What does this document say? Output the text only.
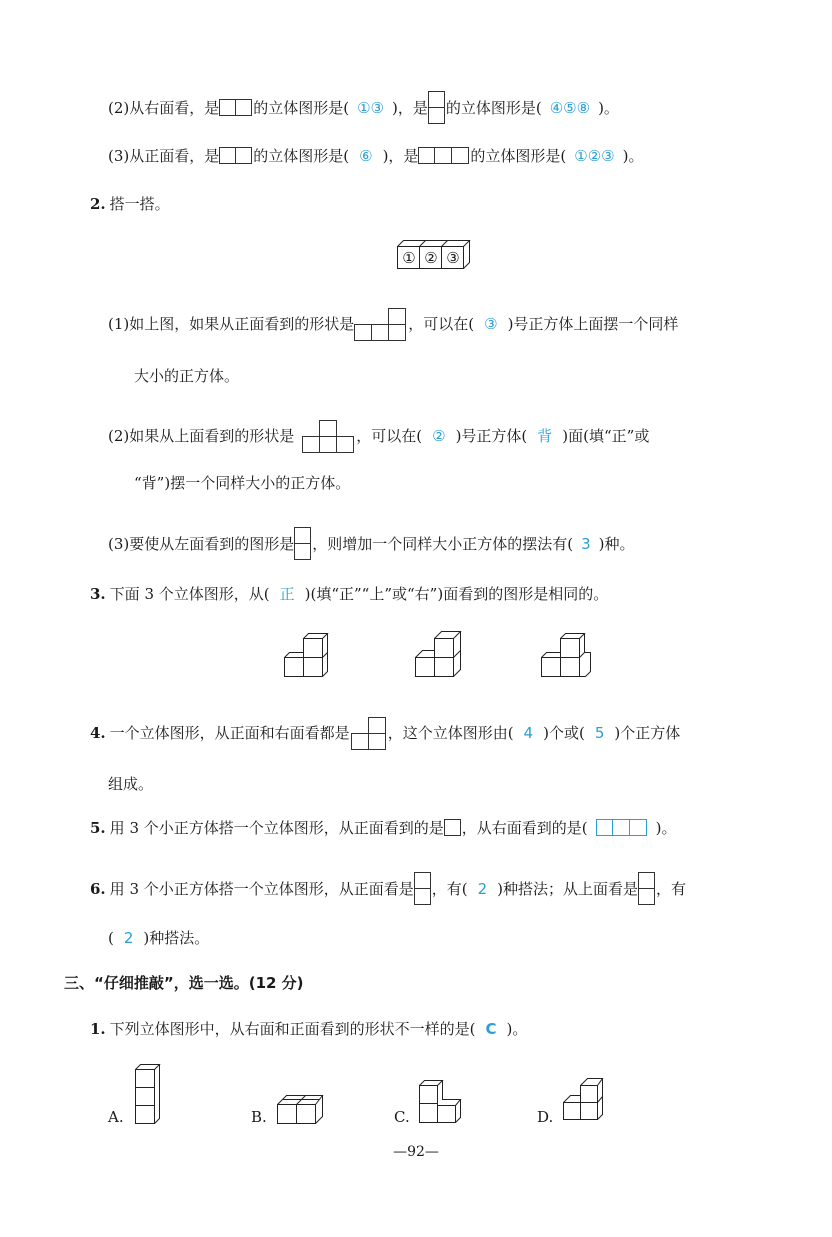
(2)从右面看，是 的立体图形是( ①③ )，是 的立体图形是( ④⑤⑧ )。
(3)从正面看，是 的立体图形是( ⑥ )，是	的立体图形是( ①②③ )。
2. 搭一搭。
① ② ③
(1)如上图，如果从正面看到的形状是	，可以在( ③ )号正方体上面摆一个同样
大小的正方体。
(2)如果从上面看到的形状是	，可以在( ② )号正方体( 背 )面(填“正”或
“背”)摆一个同样大小的正方体。
(3)要使从左面看到的图形是 ，则增加一个同样大小正方体的摆法有( 3 )种。
3. 下面 3 个立体图形，从( 正 )(填“正”“上”或“右”)面看到的图形是相同的。
4. 一个立体图形，从正面和右面看都是	，这个立体图形由( 4 )个或( 5 )个正方体
组成。
5. 用 3 个小正方体搭一个立体图形，从正面看到的是 ，从右面看到的是(	)。
6. 用 3 个小正方体搭一个立体图形，从正面看是 ，有( 2 )种搭法；从上面看是 ，有
( 2 )种搭法。
三、“仔细推敲”，选一选。(12 分)
1. 下列立体图形中，从右面和正面看到的形状不一样的是( C )。
A.	B.	C.	D.
—92—
